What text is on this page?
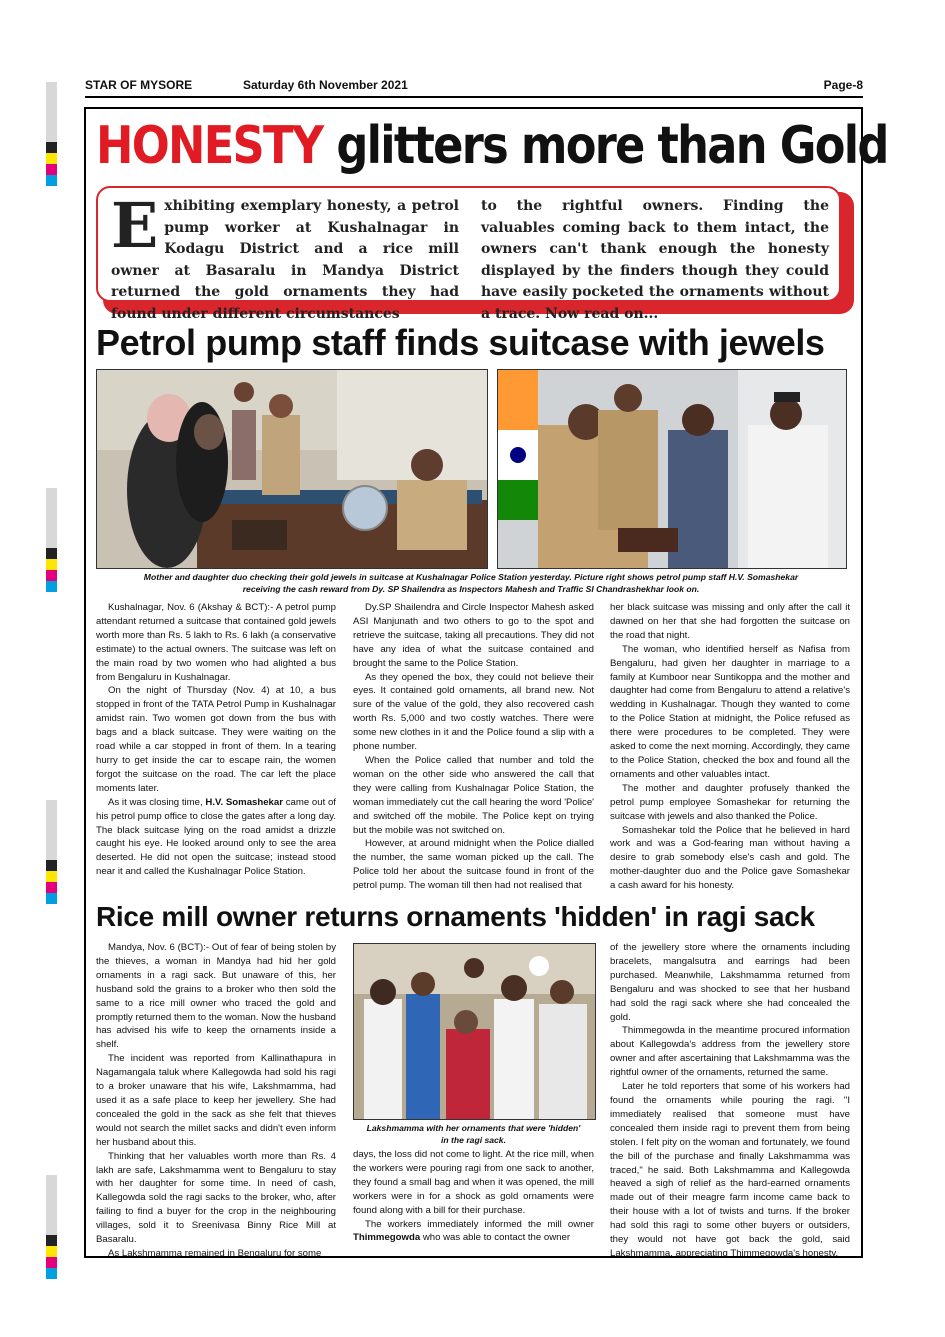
STAR OF MYSORE	Saturday 6th November 2021	Page-8
HONESTY glitters more than Gold
E xhibiting exemplary honesty, a petrol pump worker at Kushalnagar in Kodagu District and a rice mill owner at Basaralu in Mandya District returned the gold ornaments they had found under different circumstances
to the rightful owners. Finding the valuables coming back to them intact, the owners can't thank enough the honesty displayed by the finders though they could have easily pocketed the ornaments without a trace. Now read on...
Petrol pump staff finds suitcase with jewels
Mother and daughter duo checking their gold jewels in suitcase at Kushalnagar Police Station yesterday. Picture right shows petrol pump staff H.V. Somashekar
receiving the cash reward from Dy. SP Shailendra as Inspectors Mahesh and Traffic SI Chandrashekhar look on.

Kushalnagar, Nov. 6 (Akshay & BCT):- A petrol pump attendant returned a suitcase that contained gold jewels worth more than Rs. 5 lakh to Rs. 6 lakh (a conservative estimate) to the actual owners. The suitcase was left on the main road by two women who had alighted a bus from Bengaluru in Kushalnagar.

On the night of Thursday (Nov. 4) at 10, a bus stopped in front of the TATA Petrol Pump in Kushalnagar amidst rain. Two women got down from the bus with bags and a black suitcase. They were waiting on the road while a car stopped in front of them. In a tearing hurry to get inside the car to escape rain, the women forgot the suitcase on the road. The car left the place moments later.

As it was closing time, H.V. Somashekar came out of his petrol pump office to close the gates after a long day. The black suitcase lying on the road amidst a drizzle caught his eye. He looked around only to see the area deserted. He did not open the suitcase; instead stood near it and called the Kushalnagar Police Station.

Dy.SP Shailendra and Circle Inspector Mahesh asked ASI Manjunath and two others to go to the spot and retrieve the suitcase, taking all precautions. They did not have any idea of what the suitcase contained and brought the same to the Police Station.

As they opened the box, they could not believe their eyes. It contained gold ornaments, all brand new. Not sure of the value of the gold, they also recovered cash worth Rs. 5,000 and two costly watches. There were some new clothes in it and the Police found a slip with a phone number.

When the Police called that number and told the woman on the other side who answered the call that they were calling from Kushalnagar Police Station, the woman immediately cut the call hearing the word 'Police' and switched off the mobile. The Police kept on trying but the mobile was not switched on.

However, at around midnight when the Police dialled the number, the same woman picked up the call. The Police told her about the suitcase found in front of the petrol pump. The woman till then had not realised that

her black suitcase was missing and only after the call it dawned on her that she had forgotten the suitcase on the road that night.

The woman, who identified herself as Nafisa from Bengaluru, had given her daughter in marriage to a family at Kumboor near Suntikoppa and the mother and daughter had come from Bengaluru to attend a relative's wedding in Kushalnagar. Though they wanted to come to the Police Station at midnight, the Police refused as there were procedures to be completed. They were asked to come the next morning. Accordingly, they came to the Police Station, checked the box and found all the ornaments and other valuables intact.

The mother and daughter profusely thanked the petrol pump employee Somashekar for returning the suitcase with jewels and also thanked the Police.

Somashekar told the Police that he believed in hard work and was a God-fearing man without having a desire to grab somebody else's cash and gold. The mother-daughter duo and the Police gave Somashekar a cash award for his honesty.

Rice mill owner returns ornaments 'hidden' in ragi sack
Lakshmamma with her ornaments that were 'hidden'
in the ragi sack.

Mandya, Nov. 6 (BCT):- Out of fear of being stolen by the thieves, a woman in Mandya had hid her gold ornaments in a ragi sack. But unaware of this, her husband sold the grains to a broker who then sold the same to a rice mill owner who traced the gold and promptly returned them to the woman. Now the husband has advised his wife to keep the ornaments inside a shelf.

The incident was reported from Kallinathapura in Nagamangala taluk where Kallegowda had sold his ragi to a broker unaware that his wife, Lakshmamma, had used it as a safe place to keep her jewellery. She had concealed the gold in the sack as she felt that thieves would not search the millet sacks and didn't even inform her husband about this.

Thinking that her valuables worth more than Rs. 4 lakh are safe, Lakshmamma went to Bengaluru to stay with her daughter for some time. In need of cash, Kallegowda sold the ragi sacks to the broker, who, after failing to find a buyer for the crop in the neighbouring villages, sold it to Sreenivasa Binny Rice Mill at Basaralu.

As Lakshmamma remained in Bengaluru for some

days, the loss did not come to light. At the rice mill, when the workers were pouring ragi from one sack to another, they found a small bag and when it was opened, the mill workers were in for a shock as gold ornaments were found along with a bill for their purchase.

The workers immediately informed the mill owner Thimmegowda who was able to contact the owner

of the jewellery store where the ornaments including bracelets, mangalsutra and earrings had been purchased. Meanwhile, Lakshmamma returned from Bengaluru and was shocked to see that her husband had sold the ragi sack where she had concealed the gold.

Thimmegowda in the meantime procured information about Kallegowda's address from the jewellery store owner and after ascertaining that Lakshmamma was the rightful owner of the ornaments, returned the same.

Later he told reporters that some of his workers had found the ornaments while pouring the ragi. "I immediately realised that someone must have concealed them inside ragi to prevent them from being stolen. I felt pity on the woman and fortunately, we found the bill of the purchase and finally Lakshmamma was traced," he said. Both Lakshmamma and Kallegowda heaved a sigh of relief as the hard-earned ornaments made out of their meagre farm income came back to their house with a lot of twists and turns. If the broker had sold this ragi to some other buyers or outsiders, they would not have got back the gold, said Lakshmamma, appreciating Thimmegowda's honesty.
